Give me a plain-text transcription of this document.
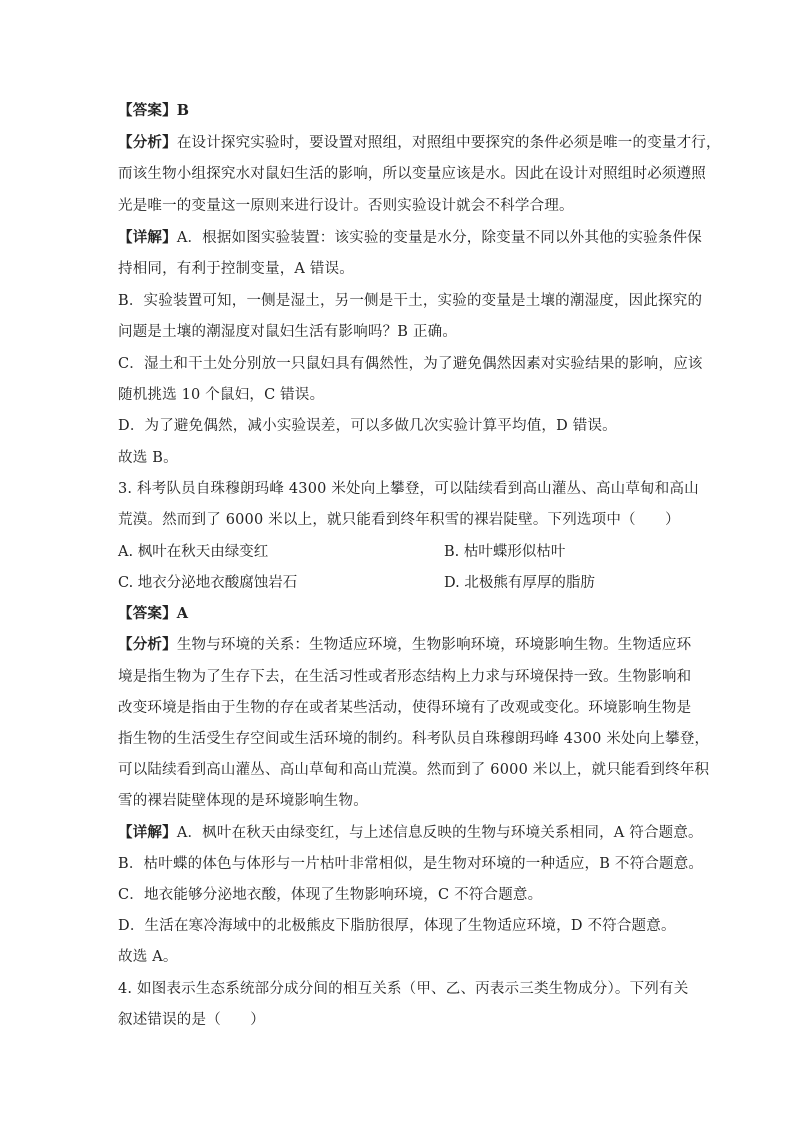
【答案】B
【分析】在设计探究实验时，要设置对照组，对照组中要探究的条件必须是唯一的变量才行，
而该生物小组探究水对鼠妇生活的影响，所以变量应该是水。因此在设计对照组时必须遵照
光是唯一的变量这一原则来进行设计。否则实验设计就会不科学合理。
【详解】A．根据如图实验装置：该实验的变量是水分，除变量不同以外其他的实验条件保
持相同，有利于控制变量，A 错误。
B．实验装置可知，一侧是湿土，另一侧是干土，实验的变量是土壤的潮湿度，因此探究的
问题是土壤的潮湿度对鼠妇生活有影响吗？B 正确。
C．湿土和干土处分别放一只鼠妇具有偶然性，为了避免偶然因素对实验结果的影响，应该
随机挑选 10 个鼠妇，C 错误。
D．为了避免偶然，减小实验误差，可以多做几次实验计算平均值，D 错误。
故选 B。
3. 科考队员自珠穆朗玛峰 4300 米处向上攀登，可以陆续看到高山灌丛、高山草甸和高山
荒漠。然而到了 6000 米以上，就只能看到终年积雪的裸岩陡壁。下列选项中（　　）
A. 枫叶在秋天由绿变红	B. 枯叶蝶形似枯叶
C. 地衣分泌地衣酸腐蚀岩石	D. 北极熊有厚厚的脂肪
【答案】A
【分析】生物与环境的关系：生物适应环境，生物影响环境，环境影响生物。生物适应环
境是指生物为了生存下去，在生活习性或者形态结构上力求与环境保持一致。生物影响和
改变环境是指由于生物的存在或者某些活动，使得环境有了改观或变化。环境影响生物是
指生物的生活受生存空间或生活环境的制约。科考队员自珠穆朗玛峰 4300 米处向上攀登，
可以陆续看到高山灌丛、高山草甸和高山荒漠。然而到了 6000 米以上，就只能看到终年积
雪的裸岩陡壁体现的是环境影响生物。
【详解】A．枫叶在秋天由绿变红，与上述信息反映的生物与环境关系相同，A 符合题意。
B．枯叶蝶的体色与体形与一片枯叶非常相似，是生物对环境的一种适应，B 不符合题意。
C．地衣能够分泌地衣酸，体现了生物影响环境，C 不符合题意。
D．生活在寒冷海域中的北极熊皮下脂肪很厚，体现了生物适应环境，D 不符合题意。
故选 A。
4. 如图表示生态系统部分成分间的相互关系（甲、乙、丙表示三类生物成分）。下列有关
叙述错误的是（　　）
